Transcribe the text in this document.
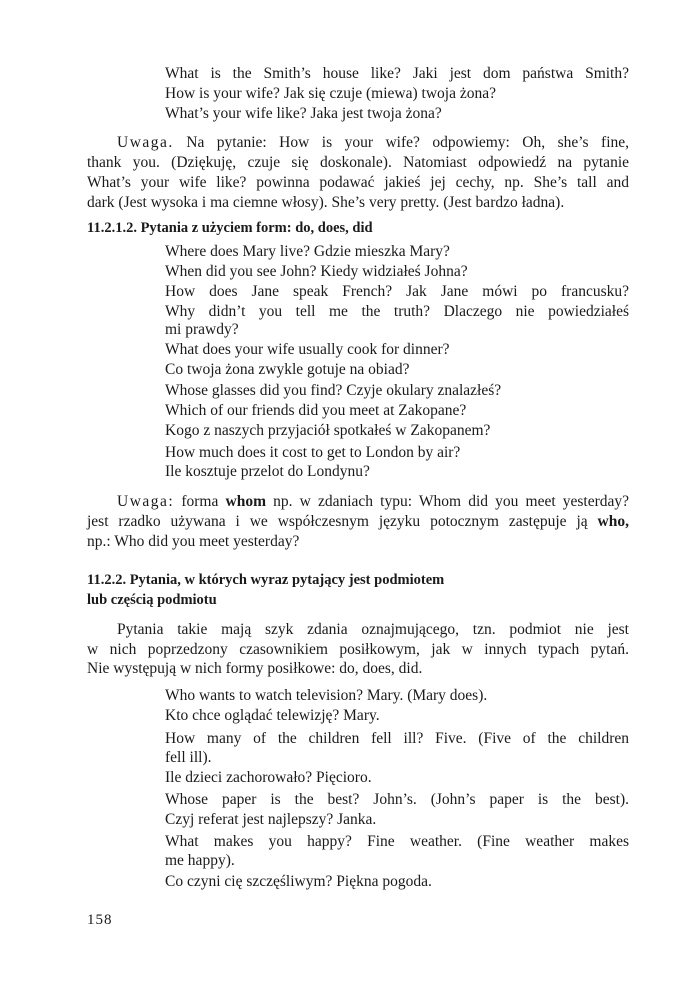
What is the Smith’s house like? Jaki jest dom państwa Smith?
How is your wife? Jak się czuje (miewa) twoja żona?
What’s your wife like? Jaka jest twoja żona?
Uwaga. Na pytanie: How is your wife? odpowiemy: Oh, she’s fine,
thank you. (Dziękuję, czuje się doskonale). Natomiast odpowiedź na pytanie
What’s your wife like? powinna podawać jakieś jej cechy, np. She’s tall and
dark (Jest wysoka i ma ciemne włosy). She’s very pretty. (Jest bardzo ładna).
11.2.1.2. Pytania z użyciem form: do, does, did
Where does Mary live? Gdzie mieszka Mary?
When did you see John? Kiedy widziałeś Johna?
How does Jane speak French? Jak Jane mówi po francusku?
Why didn’t you tell me the truth? Dlaczego nie powiedziałeś
mi prawdy?
What does your wife usually cook for dinner?
Co twoja żona zwykle gotuje na obiad?
Whose glasses did you find? Czyje okulary znalazłeś?
Which of our friends did you meet at Zakopane?
Kogo z naszych przyjaciół spotkałeś w Zakopanem?
How much does it cost to get to London by air?
Ile kosztuje przelot do Londynu?
Uwaga: forma whom np. w zdaniach typu: Whom did you meet yesterday?
jest rzadko używana i we współczesnym języku potocznym zastępuje ją who,
np.: Who did you meet yesterday?
11.2.2. Pytania, w których wyraz pytający jest podmiotem
lub częścią podmiotu
Pytania takie mają szyk zdania oznajmującego, tzn. podmiot nie jest
w nich poprzedzony czasownikiem posiłkowym, jak w innych typach pytań.
Nie występują w nich formy posiłkowe: do, does, did.
Who wants to watch television? Mary. (Mary does).
Kto chce oglądać telewizję? Mary.
How many of the children fell ill? Five. (Five of the children
fell ill).
Ile dzieci zachorowało? Pięcioro.
Whose paper is the best? John’s. (John’s paper is the best).
Czyj referat jest najlepszy? Janka.
What makes you happy? Fine weather. (Fine weather makes
me happy).
Co czyni cię szczęśliwym? Piękna pogoda.
158
